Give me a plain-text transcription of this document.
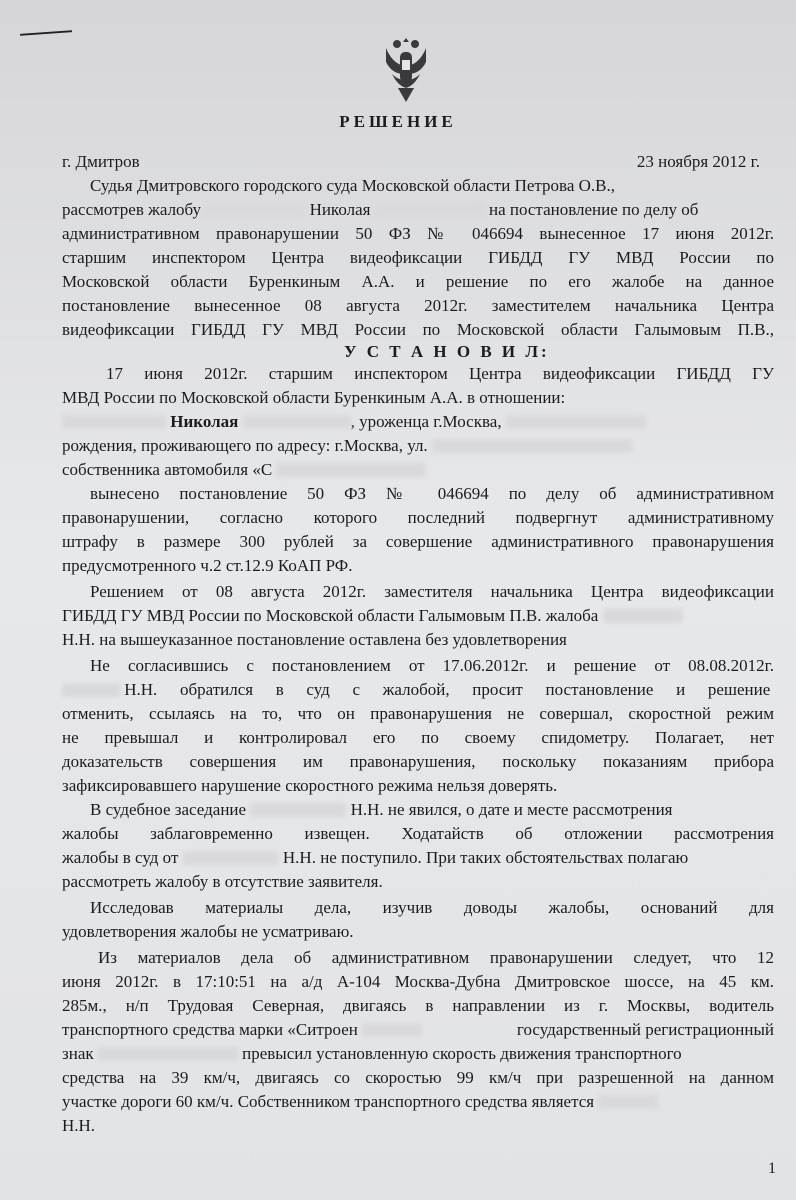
РЕШЕНИЕ
г. Дмитров	23 ноября 2012 г.
Судья Дмитровского городского суда Московской области Петрова О.В.,
рассмотрев жалобу	Николая	на постановление по делу об
административном правонарушении 50 ФЗ № 046694 вынесенное 17 июня 2012г.
старшим инспектором Центра видеофиксации ГИБДД ГУ МВД России по
Московской области Буренкиным А.А. и решение по его жалобе на данное
постановление вынесенное 08 августа 2012г. заместителем начальника Центра
видеофиксации ГИБДД ГУ МВД России по Московской области Галымовым П.В.,
У С Т А Н О В И Л:
17 июня 2012г. старшим инспектором Центра видеофиксации ГИБДД ГУ
МВД России по Московской области Буренкиным А.А. в отношении:
Николая	, уроженца г.Москва,
рождения, проживающего по адресу: г.Москва, ул.
собственника автомобиля «С
вынесено постановление 50 ФЗ № 046694 по делу об административном
правонарушении, согласно которого последний подвергнут административному
штрафу в размере 300 рублей за совершение административного правонарушения
предусмотренного ч.2 ст.12.9 КоАП РФ.
Решением от 08 августа 2012г. заместителя начальника Центра видеофиксации
ГИБДД ГУ МВД России по Московской области Галымовым П.В. жалоба
Н.Н. на вышеуказанное постановление оставлена без удовлетворения
Не согласившись с постановлением от 17.06.2012г. и решение от 08.08.2012г.
Н.Н. обратился в суд с жалобой, просит постановление и решение
отменить, ссылаясь на то, что он правонарушения не совершал, скоростной режим
не превышал и контролировал его по своему спидометру. Полагает, нет
доказательств совершения им правонарушения, поскольку показаниям прибора
зафиксировавшего нарушение скоростного режима нельзя доверять.
В судебное заседание	Н.Н. не явился, о дате и месте рассмотрения
жалобы заблаговременно извещен. Ходатайств об отложении рассмотрения
жалобы в суд от	Н.Н. не поступило. При таких обстоятельствах полагаю
рассмотреть жалобу в отсутствие заявителя.
Исследовав материалы дела, изучив доводы жалобы, оснований для
удовлетворения жалобы не усматриваю.
Из материалов дела об административном правонарушении следует, что 12
июня 2012г. в 17:10:51 на а/д А-104 Москва-Дубна Дмитровское шоссе, на 45 км.
285м., н/п Трудовая Северная, двигаясь в направлении из г. Москвы, водитель
транспортного средства марки «Ситроен	государственный регистрационный
знак	превысил установленную скорость движения транспортного
средства на 39 км/ч, двигаясь со скоростью 99 км/ч при разрешенной на данном
участке дороги 60 км/ч. Собственником транспортного средства является
Н.Н.
1
